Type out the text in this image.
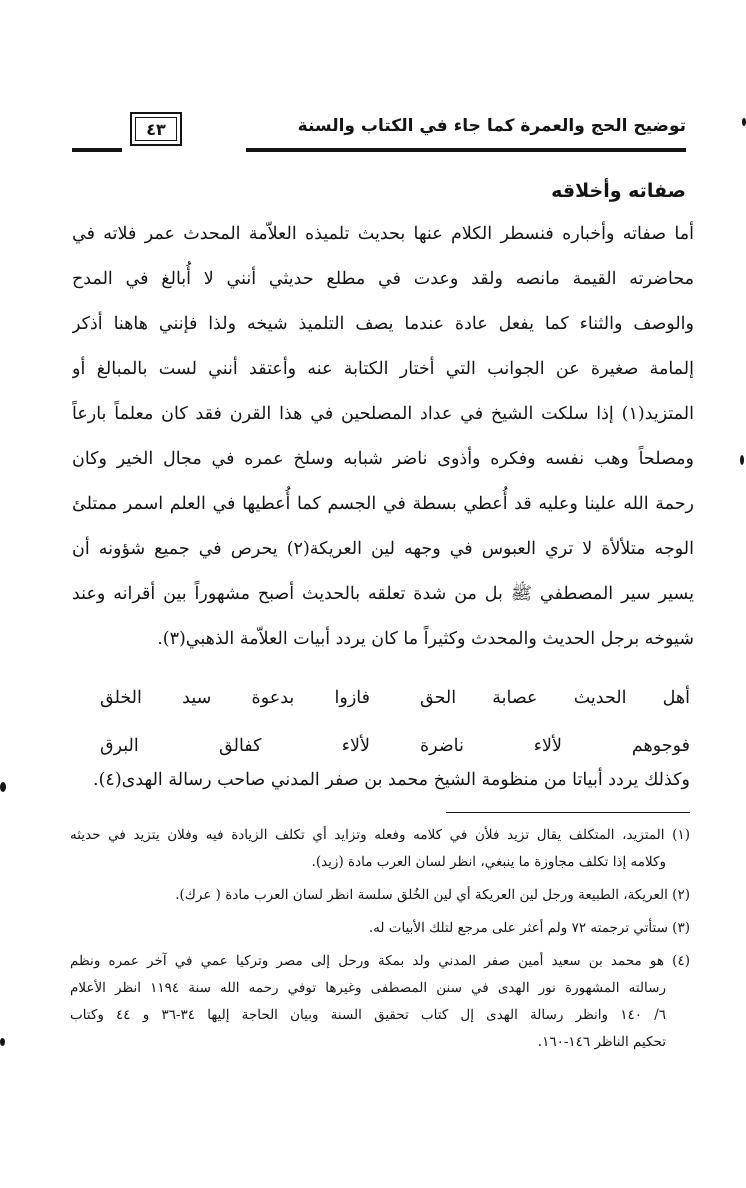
توضيح الحج والعمرة كما جاء في الكتاب والسنة
٤٣
صفاته وأخلاقه
أما صفاته وأخباره فنسطر الكلام عنها بحديث تلميذه العلاّمة المحدث عمر فلاته في
محاضرته القيمة مانصه ولقد وعدت في مطلع حديثي أنني لا أُبالغ في المدح
والوصف والثناء كما يفعل عادة عندما يصف التلميذ شيخه ولذا فإنني هاهنا أذكر
إلمامة صغيرة عن الجوانب التي أختار الكتابة عنه وأعتقد أنني لست بالمبالغ أو
المتزيد(١) إذا سلكت الشيخ في عداد المصلحين في هذا القرن فقد كان معلماً بارعاً
ومصلحاً وهب نفسه وفكره وأذوى ناضر شبابه وسلخ عمره في مجال الخير وكان
رحمة الله علينا وعليه قد أُعطي بسطة في الجسم كما أُعطيها في العلم اسمر ممتلئ
الوجه متلألأة لا تري العبوس في وجهه لين العريكة(٢) يحرص في جميع شؤونه أن
يسير سير المصطفي ﷺ بل من شدة تعلقه بالحديث أصبح مشهوراً بين أقرانه وعند
شيوخه برجل الحديث والمحدث وكثيراً ما كان يردد أبيات العلاّمة الذهبي(٣).
أهل الحديث عصابة الحق
فازوا بدعوة سيد الخلق
فوجوهم لألاء ناضرة
لألاء كفالق البرق
وكذلك يردد أبياتا من منظومة الشيخ محمد بن صفر المدني صاحب رسالة الهدى(٤).
(١) المتزيد، المتكلف يقال تزيد فلأن في كلامه وفعله وتزايد أي تكلف الزيادة فيه وفلان يتزيد في حديثه
وكلامه إذا تكلف مجاوزة ما ينبغي، انظر لسان العرب مادة (زيد).
(٢) العريكة، الطبيعة ورجل لين العريكة أي لين الخُلق سلسة انظر لسان العرب مادة ( عرك).
(٣) ستأتي ترجمته ٧٢ ولم أعثر على مرجع لتلك الأبيات له.
(٤) هو محمد بن سعيد أمين صفر المدني ولد بمكة ورحل إلى مصر وتركيا عمي في آخر عمره ونظم
رسالته المشهورة نور الهدى في سنن المصطفى وغيرها توفي رحمه الله سنة ١١٩٤ انظر الأعلام
٦/ ١٤٠ وانظر رسالة الهدى إل كتاب تحقيق السنة وبيان الحاجة إليها ٣٤-٣٦ و ٤٤ وكتاب
تحكيم الناظر ١٤٦-١٦٠.
